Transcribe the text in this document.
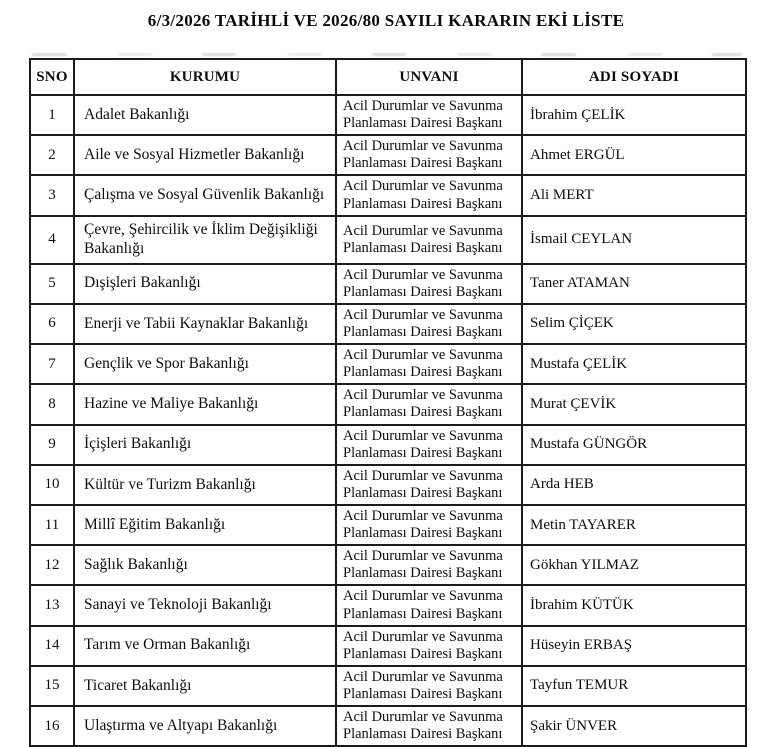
6/3/2026 TARİHLİ VE 2026/80 SAYILI KARARIN EKİ LİSTE
SNO	KURUMU	UNVANI	ADI SOYADI
1	Adalet Bakanlığı	Acil Durumlar ve Savunma Planlaması Dairesi Başkanı	İbrahim ÇELİK
2	Aile ve Sosyal Hizmetler Bakanlığı	Acil Durumlar ve Savunma Planlaması Dairesi Başkanı	Ahmet ERGÜL
3	Çalışma ve Sosyal Güvenlik Bakanlığı	Acil Durumlar ve Savunma Planlaması Dairesi Başkanı	Ali MERT
4	Çevre, Şehircilik ve İklim Değişikliği Bakanlığı	Acil Durumlar ve Savunma Planlaması Dairesi Başkanı	İsmail CEYLAN
5	Dışişleri Bakanlığı	Acil Durumlar ve Savunma Planlaması Dairesi Başkanı	Taner ATAMAN
6	Enerji ve Tabii Kaynaklar Bakanlığı	Acil Durumlar ve Savunma Planlaması Dairesi Başkanı	Selim ÇİÇEK
7	Gençlik ve Spor Bakanlığı	Acil Durumlar ve Savunma Planlaması Dairesi Başkanı	Mustafa ÇELİK
8	Hazine ve Maliye Bakanlığı	Acil Durumlar ve Savunma Planlaması Dairesi Başkanı	Murat ÇEVİK
9	İçişleri Bakanlığı	Acil Durumlar ve Savunma Planlaması Dairesi Başkanı	Mustafa GÜNGÖR
10	Kültür ve Turizm Bakanlığı	Acil Durumlar ve Savunma Planlaması Dairesi Başkanı	Arda HEB
11	Millî Eğitim Bakanlığı	Acil Durumlar ve Savunma Planlaması Dairesi Başkanı	Metin TAYARER
12	Sağlık Bakanlığı	Acil Durumlar ve Savunma Planlaması Dairesi Başkanı	Gökhan YILMAZ
13	Sanayi ve Teknoloji Bakanlığı	Acil Durumlar ve Savunma Planlaması Dairesi Başkanı	İbrahim KÜTÜK
14	Tarım ve Orman Bakanlığı	Acil Durumlar ve Savunma Planlaması Dairesi Başkanı	Hüseyin ERBAŞ
15	Ticaret Bakanlığı	Acil Durumlar ve Savunma Planlaması Dairesi Başkanı	Tayfun TEMUR
16	Ulaştırma ve Altyapı Bakanlığı	Acil Durumlar ve Savunma Planlaması Dairesi Başkanı	Şakir ÜNVER
